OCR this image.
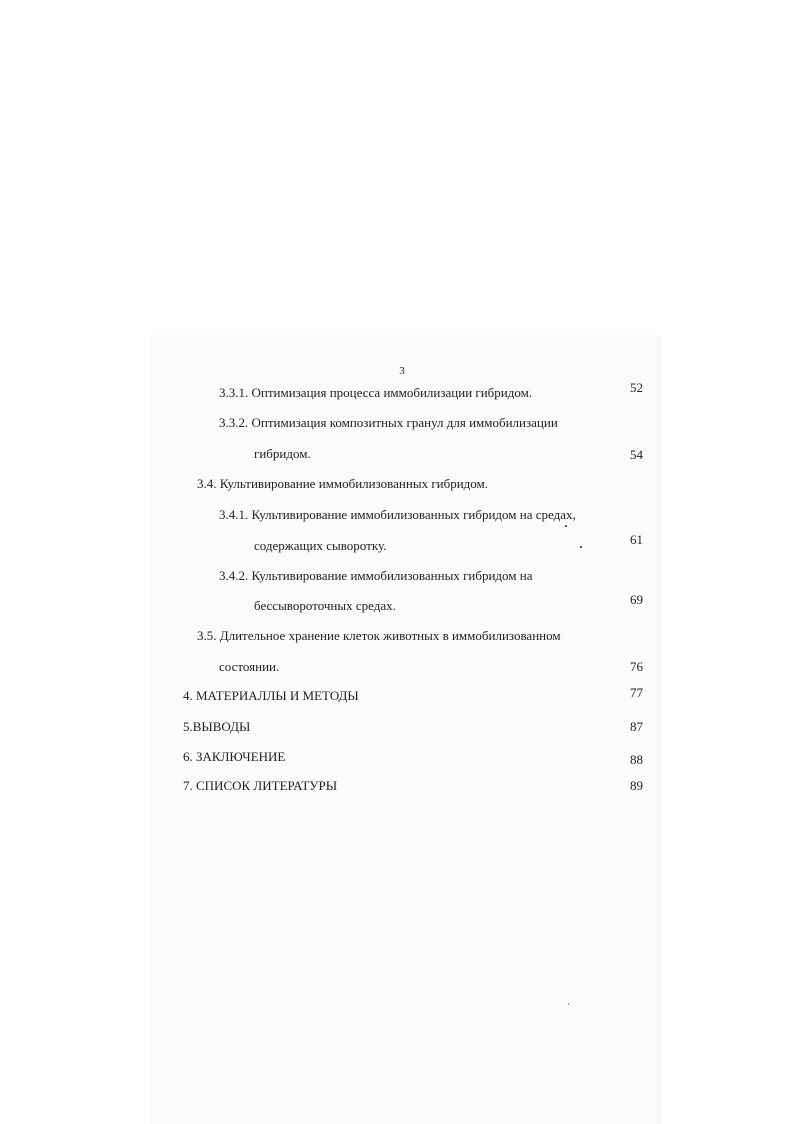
3
3.3.1. Оптимизация процесса иммобилизации гибридом.	52
3.3.2. Оптимизация композитных гранул для иммобилизации
гибридом.	54
3.4. Культивирование иммобилизованных гибридом.
3.4.1. Культивирование иммобилизованных гибридом на средах,
содержащих сыворотку.	61
3.4.2. Культивирование иммобилизованных гибридом на
бессывороточных средах.	69
3.5. Длительное хранение клеток животных в иммобилизованном
состоянии.	76
4. МАТЕРИАЛЛЫ И МЕТОДЫ	77
5.ВЫВОДЫ	87
6. ЗАКЛЮЧЕНИЕ	88
7. СПИСОК ЛИТЕРАТУРЫ	89
